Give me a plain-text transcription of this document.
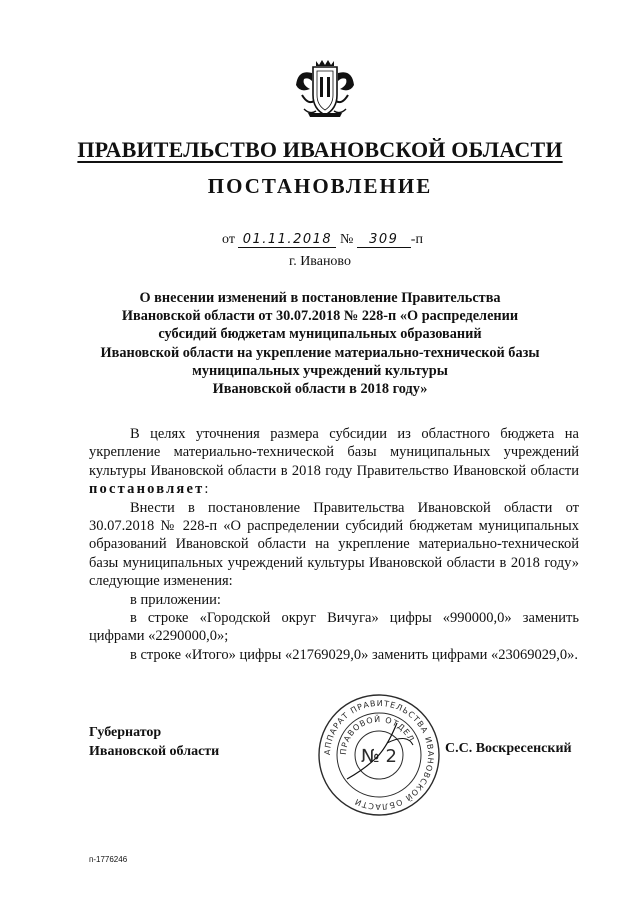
ПРАВИТЕЛЬСТВО ИВАНОВСКОЙ ОБЛАСТИ
ПОСТАНОВЛЕНИЕ
от 01.11.2018 № 309 -п
г. Иваново
О внесении изменений в постановление Правительства
Ивановской области от 30.07.2018 № 228-п «О распределении
субсидий бюджетам муниципальных образований
Ивановской области на укрепление материально-технической базы
муниципальных учреждений культуры
Ивановской области в 2018 году»

В целях уточнения размера субсидии из областного бюджета на укрепление материально-технической базы муниципальных учреждений культуры Ивановской области в 2018 году Правительство Ивановской области постановляет:

Внести в постановление Правительства Ивановской области от 30.07.2018 № 228-п «О распределении субсидий бюджетам муниципальных образований Ивановской области на укрепление материально-технической базы муниципальных учреждений культуры Ивановской области в 2018 году» следующие изменения:

в приложении:

в строке «Городской округ Вичуга» цифры «990000,0» заменить цифрами «2290000,0»;

в строке «Итого» цифры «21769029,0» заменить цифрами «23069029,0».

Губернатор
Ивановской области	С.С. Воскресенский
АППАРАТ ПРАВИТЕЛЬСТВА ИВАНОВСКОЙ ОБЛАСТИ
ПРАВОВОЙ ОТДЕЛ
№ 2
п-1776246
